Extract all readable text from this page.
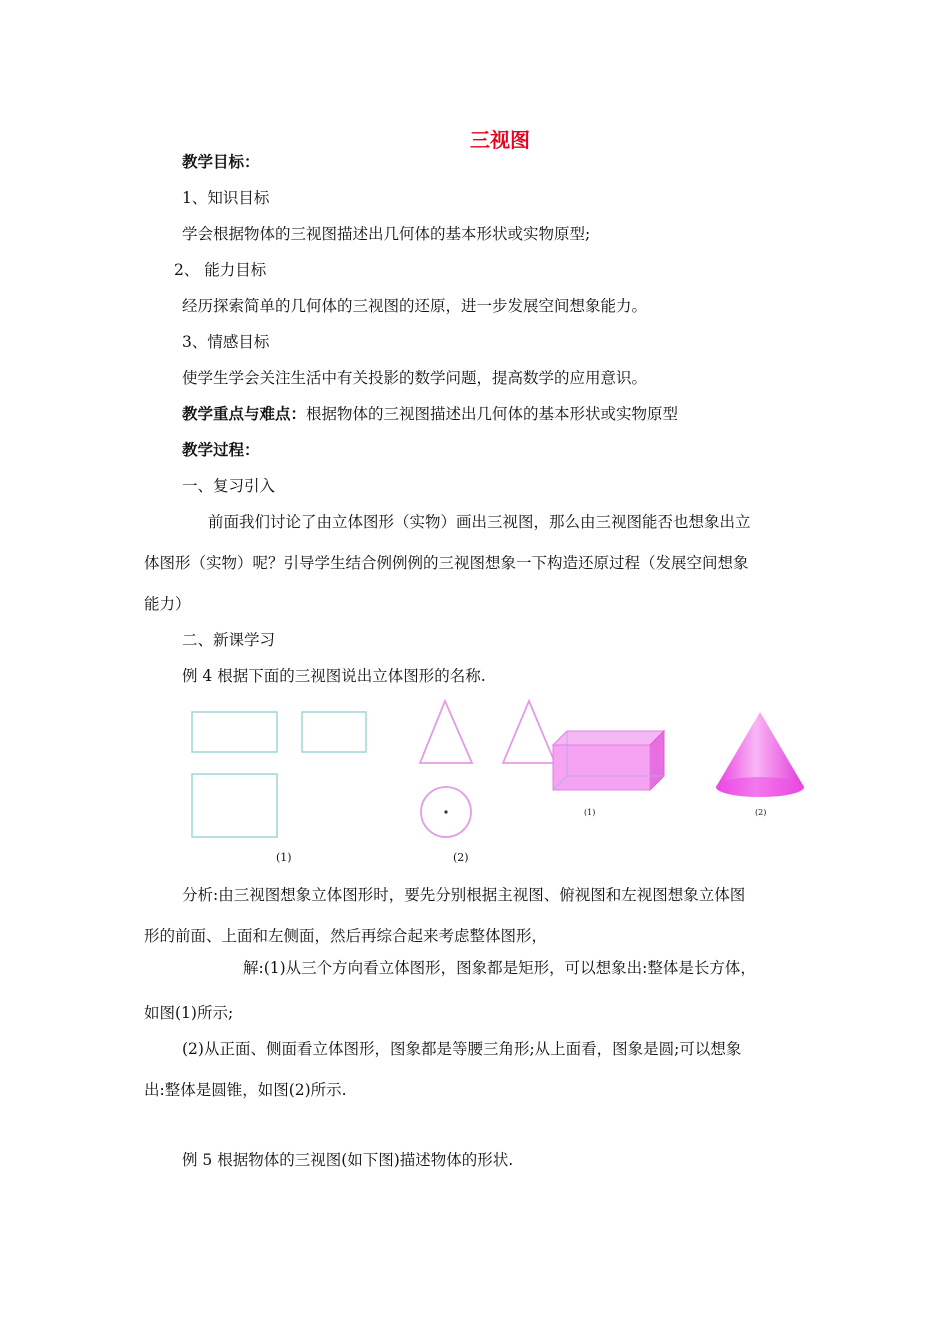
三视图
教学目标：
1、知识目标
学会根据物体的三视图描述出几何体的基本形状或实物原型;
2、 能力目标
经历探索简单的几何体的三视图的还原，进一步发展空间想象能力。
3、情感目标
使学生学会关注生活中有关投影的数学问题，提高数学的应用意识。
教学重点与难点：根据物体的三视图描述出几何体的基本形状或实物原型
教学过程：
一、复习引入
前面我们讨论了由立体图形（实物）画出三视图，那么由三视图能否也想象出立
体图形（实物）呢？引导学生结合例例例的三视图想象一下构造还原过程（发展空间想象
能力）
二、新课学习
例 4 根据下面的三视图说出立体图形的名称.
(1)	(2)
(1)	(2)
分析:由三视图想象立体图形时，要先分别根据主视图、俯视图和左视图想象立体图
形的前面、上面和左侧面，然后再综合起来考虑整体图形，
解:(1)从三个方向看立体图形，图象都是矩形，可以想象出:整体是长方体，
如图(1)所示;
(2)从正面、侧面看立体图形，图象都是等腰三角形;从上面看，图象是圆;可以想象
出:整体是圆锥，如图(2)所示.
例 5 根据物体的三视图(如下图)描述物体的形状.
